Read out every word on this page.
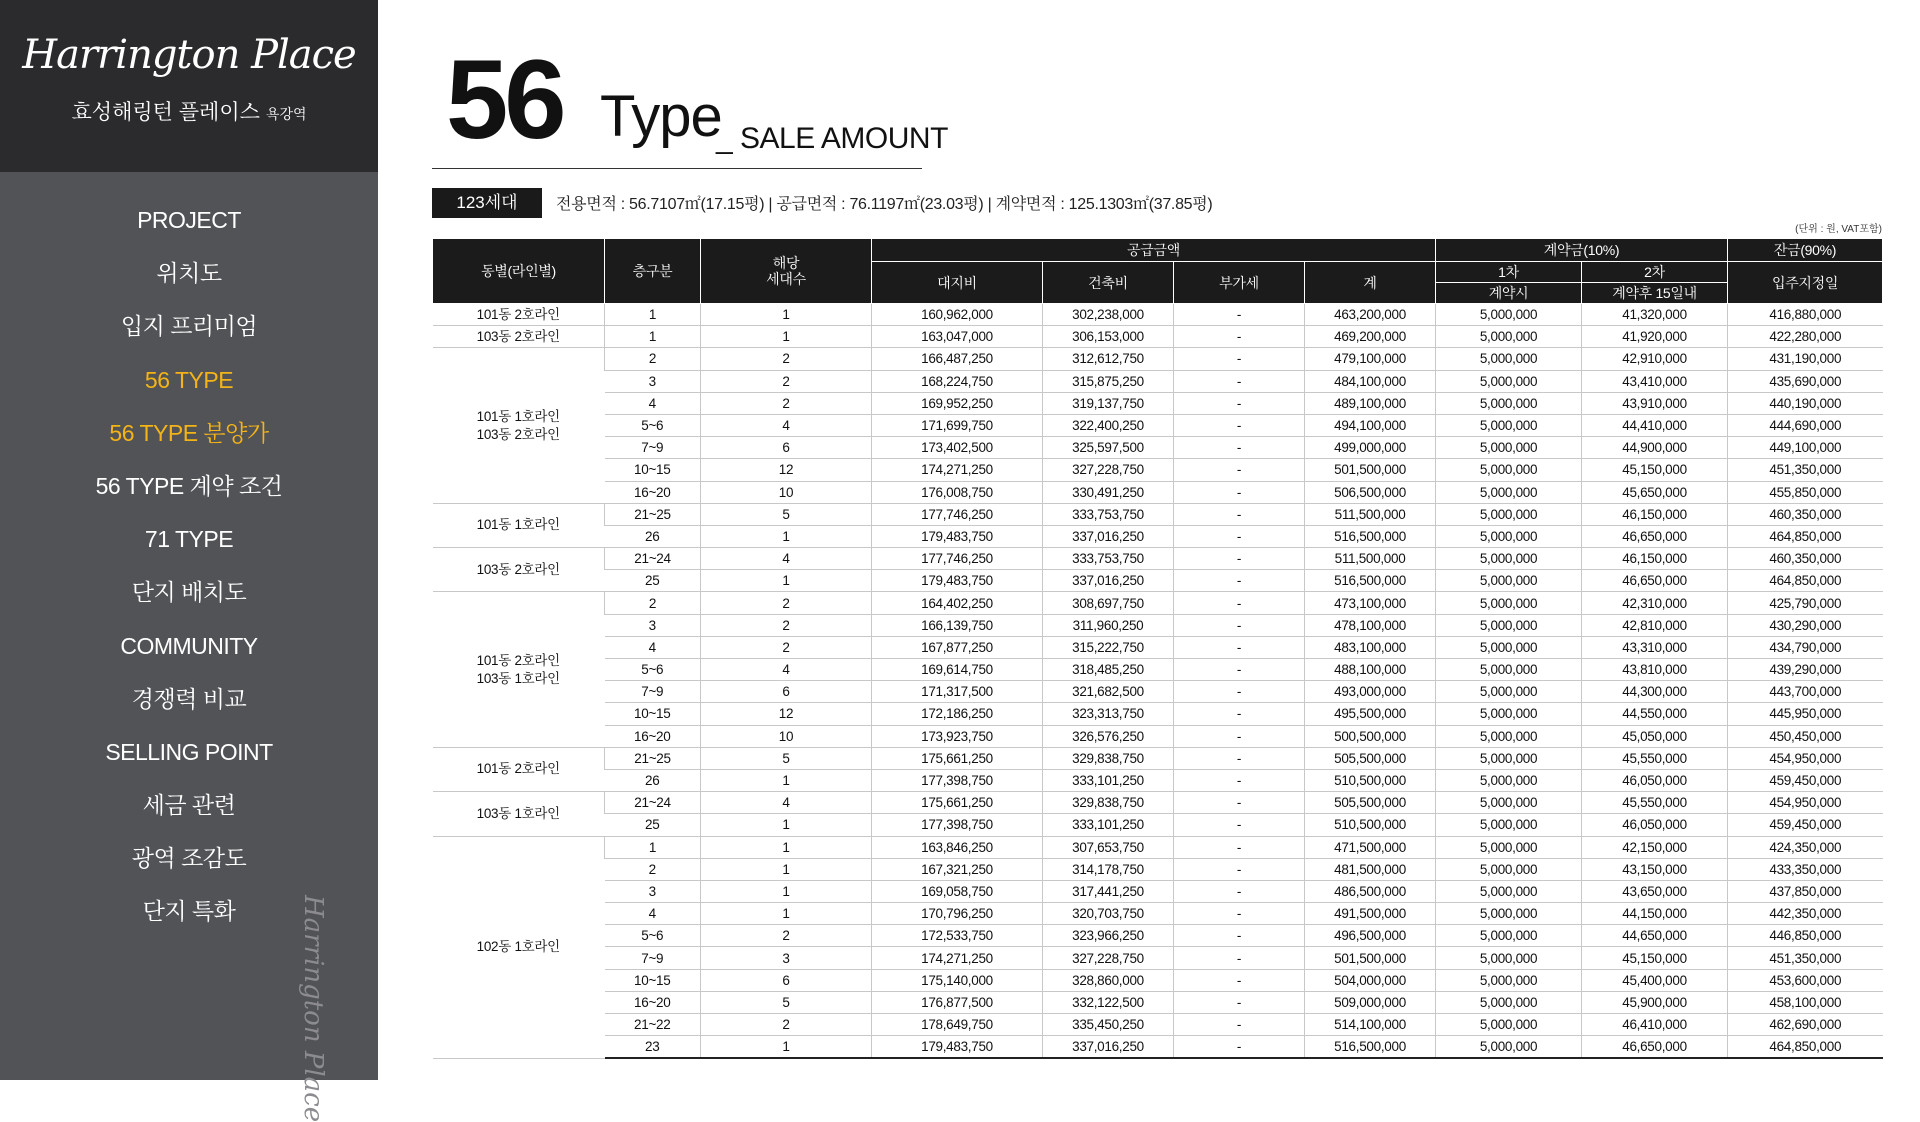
Harrington Place
효성해링턴 플레이스 욕강역
PROJECT
위치도
입지 프리미엄
56 TYPE
56 TYPE 분양가
56 TYPE 계약 조건
71 TYPE
단지 배치도
COMMUNITY
경쟁력 비교
SELLING POINT
세금 관련
광역 조감도
단지 특화	Harrington Place
56 Type
_ SALE AMOUNT
123세대	전용면적 : 56.7107㎡(17.15평) | 공급면적 : 76.1197㎡(23.03평) | 계약면적 : 125.1303㎡(37.85평)
(단위 : 원, VAT포함)
동별(라인별)	층구분	해당
세대수	공급금액				계약금(10%)		잔금(90%)
			대지비	건축비	부가세	계	1차	2차	입주지정일
							계약시	계약후 15일내	
101동 2호라인	1	1	160,962,000	302,238,000	-	463,200,000	5,000,000	41,320,000	416,880,000
103동 2호라인	1	1	163,047,000	306,153,000	-	469,200,000	5,000,000	41,920,000	422,280,000
101동 1호라인
103동 2호라인	2	2	166,487,250	312,612,750	-	479,100,000	5,000,000	42,910,000	431,190,000
	3	2	168,224,750	315,875,250	-	484,100,000	5,000,000	43,410,000	435,690,000
	4	2	169,952,250	319,137,750	-	489,100,000	5,000,000	43,910,000	440,190,000
	5~6	4	171,699,750	322,400,250	-	494,100,000	5,000,000	44,410,000	444,690,000
	7~9	6	173,402,500	325,597,500	-	499,000,000	5,000,000	44,900,000	449,100,000
	10~15	12	174,271,250	327,228,750	-	501,500,000	5,000,000	45,150,000	451,350,000
	16~20	10	176,008,750	330,491,250	-	506,500,000	5,000,000	45,650,000	455,850,000
101동 1호라인	21~25	5	177,746,250	333,753,750	-	511,500,000	5,000,000	46,150,000	460,350,000
	26	1	179,483,750	337,016,250	-	516,500,000	5,000,000	46,650,000	464,850,000
103동 2호라인	21~24	4	177,746,250	333,753,750	-	511,500,000	5,000,000	46,150,000	460,350,000
	25	1	179,483,750	337,016,250	-	516,500,000	5,000,000	46,650,000	464,850,000
101동 2호라인
103동 1호라인	2	2	164,402,250	308,697,750	-	473,100,000	5,000,000	42,310,000	425,790,000
	3	2	166,139,750	311,960,250	-	478,100,000	5,000,000	42,810,000	430,290,000
	4	2	167,877,250	315,222,750	-	483,100,000	5,000,000	43,310,000	434,790,000
	5~6	4	169,614,750	318,485,250	-	488,100,000	5,000,000	43,810,000	439,290,000
	7~9	6	171,317,500	321,682,500	-	493,000,000	5,000,000	44,300,000	443,700,000
	10~15	12	172,186,250	323,313,750	-	495,500,000	5,000,000	44,550,000	445,950,000
	16~20	10	173,923,750	326,576,250	-	500,500,000	5,000,000	45,050,000	450,450,000
101동 2호라인	21~25	5	175,661,250	329,838,750	-	505,500,000	5,000,000	45,550,000	454,950,000
	26	1	177,398,750	333,101,250	-	510,500,000	5,000,000	46,050,000	459,450,000
103동 1호라인	21~24	4	175,661,250	329,838,750	-	505,500,000	5,000,000	45,550,000	454,950,000
	25	1	177,398,750	333,101,250	-	510,500,000	5,000,000	46,050,000	459,450,000
102동 1호라인	1	1	163,846,250	307,653,750	-	471,500,000	5,000,000	42,150,000	424,350,000
	2	1	167,321,250	314,178,750	-	481,500,000	5,000,000	43,150,000	433,350,000
	3	1	169,058,750	317,441,250	-	486,500,000	5,000,000	43,650,000	437,850,000
	4	1	170,796,250	320,703,750	-	491,500,000	5,000,000	44,150,000	442,350,000
	5~6	2	172,533,750	323,966,250	-	496,500,000	5,000,000	44,650,000	446,850,000
	7~9	3	174,271,250	327,228,750	-	501,500,000	5,000,000	45,150,000	451,350,000
	10~15	6	175,140,000	328,860,000	-	504,000,000	5,000,000	45,400,000	453,600,000
	16~20	5	176,877,500	332,122,500	-	509,000,000	5,000,000	45,900,000	458,100,000
	21~22	2	178,649,750	335,450,250	-	514,100,000	5,000,000	46,410,000	462,690,000
	23	1	179,483,750	337,016,250	-	516,500,000	5,000,000	46,650,000	464,850,000
